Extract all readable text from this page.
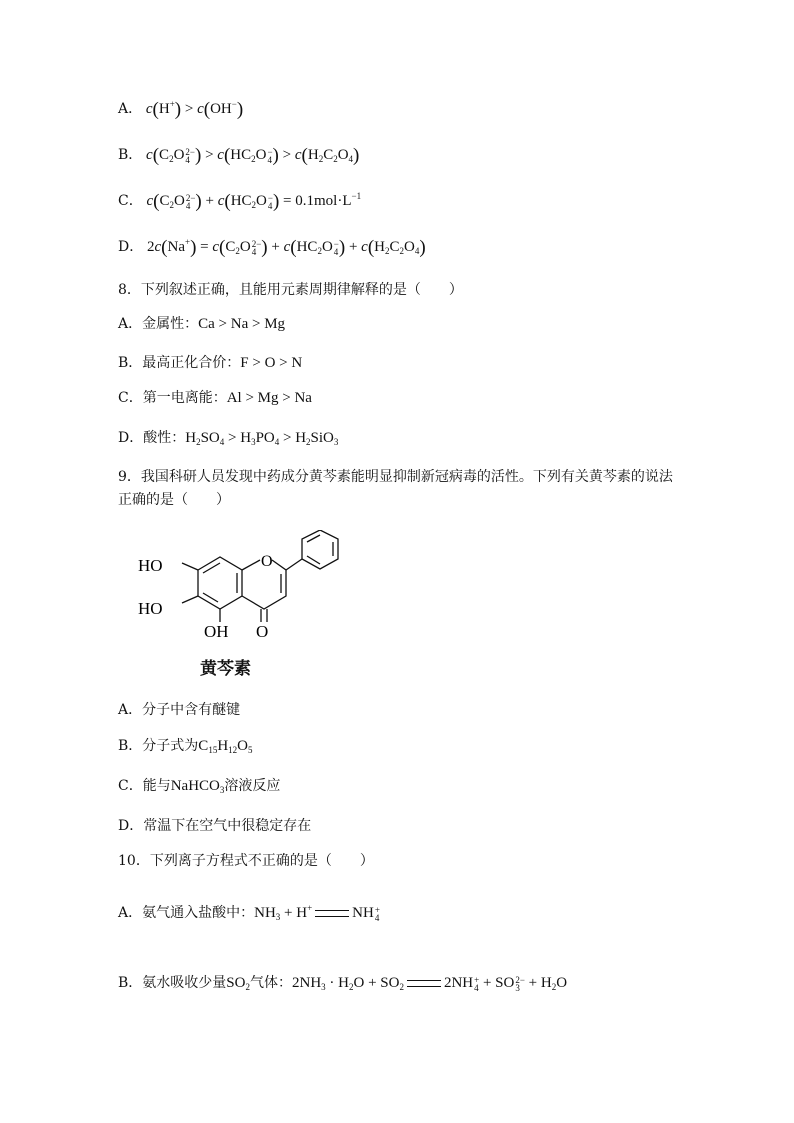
A． c(H+) > c(OH−)
B． $c(C_2O$ 2−
4 ) > $c(HC_2O$ −
4 ) > $c(H_2C_2O_4)$
C． $c(C_2O$ 2−
4 ) + $c(HC_2O$ −
4 ) = $0.1mol\cdot L^{-1}$
D． $2c(Na^+) = c(C_2O$ 2−
4 ) + $c(HC_2O$ −
4 ) + $c(H_2C_2O_4)$
8．下列叙述正确，且能用元素周期律解释的是（　　）
A．金属性：Ca > Na > Mg
B．最高正化合价：F > O > N
C．第一电离能：Al > Mg > Na
D．酸性：$H_2SO_4 > H_3PO_4 > H_2SiO_3$
9．我国科研人员发现中药成分黄芩素能明显抑制新冠病毒的活性。下列有关黄芩素的说法
正确的是（　　）
HO
HO
OH O
O
黄芩素
A．分子中含有醚键
B．分子式为$C_{15}H_{12}O_5$
C．能与NaHCO$_3$溶液反应
D．常温下在空气中很稳定存在
10．下列离子方程式不正确的是（　　）
A．氨气通入盐酸中：$NH_3 + H^+$	NH +
4
B．氨水吸收少量$SO_2$气体：$2NH_3 \cdot H_2O + SO_2$	2NH +
4 + SO 2−
$3 + H_2O$
